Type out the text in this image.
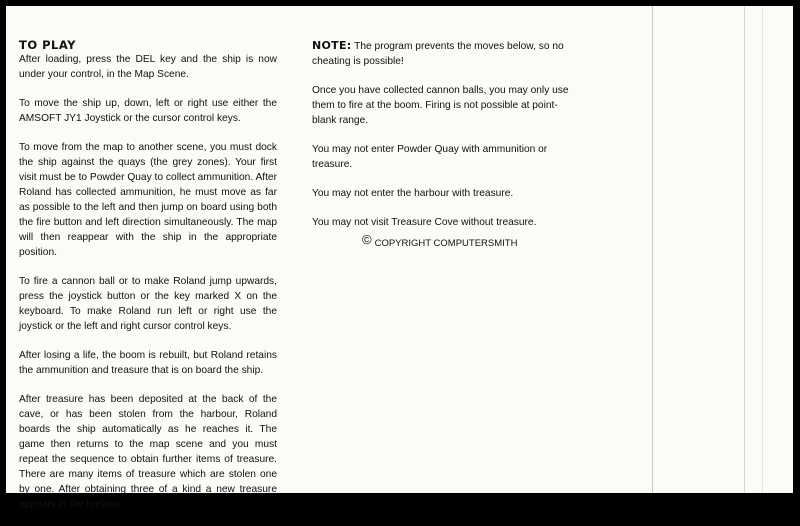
TO PLAY

After loading, press the DEL key and the ship is now under your control, in the Map Scene.

To move the ship up, down, left or right use either the AMSOFT JY1 Joystick or the cursor control keys.

To move from the map to another scene, you must dock the ship against the quays (the grey zones). Your first visit must be to Powder Quay to collect ammunition. After Roland has collected ammunition, he must move as far as possible to the left and then jump on board using both the fire button and left direction simultaneously. The map will then reappear with the ship in the appropriate position.

To fire a cannon ball or to make Roland jump upwards, press the joystick button or the key marked X on the keyboard. To make Roland run left or right use the joystick or the left and right cursor control keys.

After losing a life, the boom is rebuilt, but Roland retains the ammunition and treasure that is on board the ship.

After treasure has been deposited at the back of the cave, or has been stolen from the harbour, Roland boards the ship automatically as he reaches it. The game then returns to the map scene and you must repeat the sequence to obtain further items of treasure. There are many items of treasure which are stolen one by one. After obtaining three of a kind a new treasure appears in the harbour.

NOTE: The program prevents the moves below, so no cheating is possible!

Once you have collected cannon balls, you may only use them to fire at the boom. Firing is not possible at point-blank range.

You may not enter Powder Quay with ammunition or treasure.

You may not enter the harbour with treasure.

You may not visit Treasure Cove without treasure.

© COPYRIGHT COMPUTERSMITH
